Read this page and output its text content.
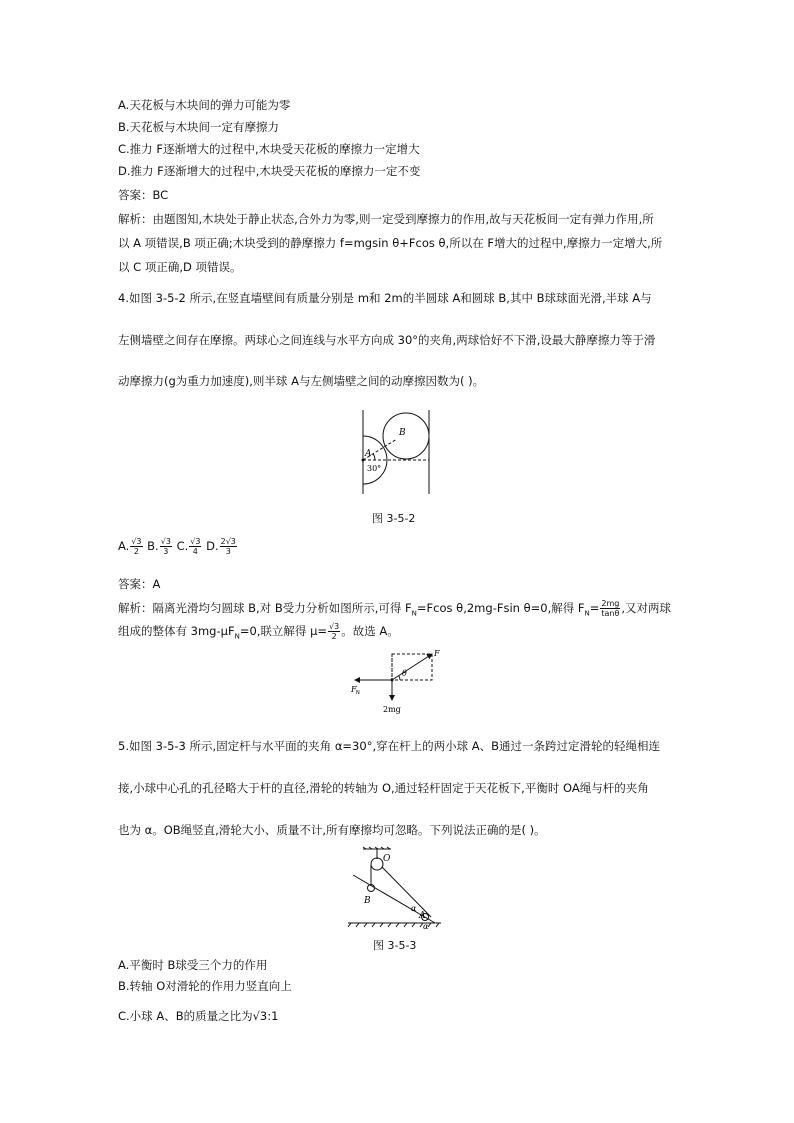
A.天花板与木块间的弹力可能为零
B.天花板与木块间一定有摩擦力
C.推力 F逐渐增大的过程中,木块受天花板的摩擦力一定增大
D.推力 F逐渐增大的过程中,木块受天花板的摩擦力一定不变
答案：BC
解析：由题图知,木块处于静止状态,合外力为零,则一定受到摩擦力的作用,故与天花板间一定有弹力作用,所
以 A 项错误,B 项正确;木块受到的静摩擦力 f=mgsin θ+Fcos θ,所以在 F增大的过程中,摩擦力一定增大,所
以 C 项正确,D 项错误。
4.如图 3-5-2 所示,在竖直墙壁间有质量分别是 m和 2m的半圆球 A和圆球 B,其中 B球球面光滑,半球 A与
左侧墙壁之间存在摩擦。两球心之间连线与水平方向成 30°的夹角,两球恰好不下滑,设最大静摩擦力等于滑
动摩擦力(g为重力加速度),则半球 A与左侧墙壁之间的动摩擦因数为( )。
A
B
30°
图 3-5-2
A. $\frac{√3}{2} B$. $\frac{√3}{3} C$. $\frac{√3}{4} D$. $\frac{2√3}{3}$
答案：A
解析：隔离光滑均匀圆球 B,对 B受力分析如图所示,可得 $F_N=Fcos$ θ,2mg-Fsin θ=0,解得 $F_N= \frac{2mg}{\tan\theta}$ ,又对两球
组成的整体有 $3mg-\mu F_N=0$,联立解得 $\mu= \frac{√3}{2}$ 。故选 A。
F
F N
θ
2mg
5.如图 3-5-3 所示,固定杆与水平面的夹角 α=30°,穿在杆上的两小球 A、B通过一条跨过定滑轮的轻绳相连
接,小球中心孔的孔径略大于杆的直径,滑轮的转轴为 O,通过轻杆固定于天花板下,平衡时 OA绳与杆的夹角
也为 α。OB绳竖直,滑轮大小、质量不计,所有摩擦均可忽略。下列说法正确的是( )。
O
B
A
α
α
图 3-5-3
A.平衡时 B球受三个力的作用
B.转轴 O对滑轮的作用力竖直向上
C.小球 A、B的质量之比为√3:1
